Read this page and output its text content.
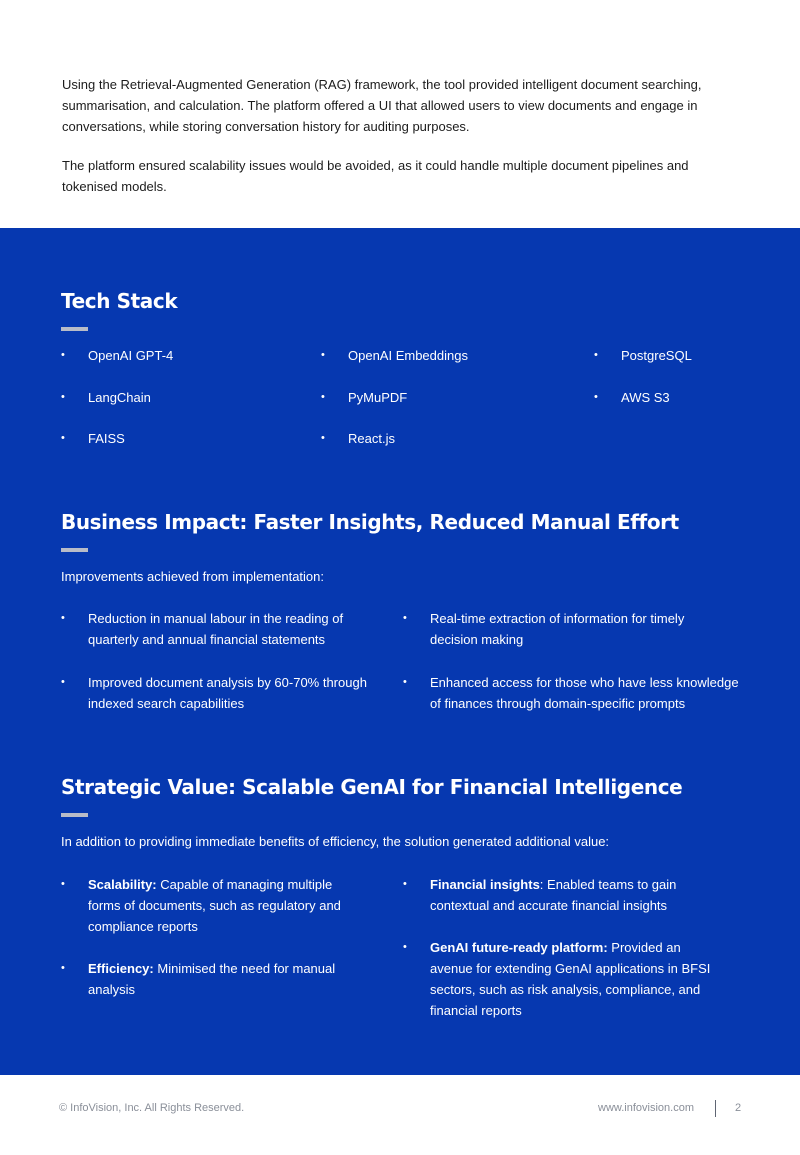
Using the Retrieval-Augmented Generation (RAG) framework, the tool provided intelligent document searching, summarisation, and calculation. The platform offered a UI that allowed users to view documents and engage in conversations, while storing conversation history for auditing purposes.

The platform ensured scalability issues would be avoided, as it could handle multiple document pipelines and tokenised models.

Tech Stack
• OpenAI GPT-4	• OpenAI Embeddings	• PostgreSQL
• LangChain	• PyMuPDF	• AWS S3
• FAISS	• React.js
Business Impact: Faster Insights, Reduced Manual Effort
Improvements achieved from implementation:
• Reduction in manual labour in the reading of quarterly and annual financial statements
• Real-time extraction of information for timely decision making
• Improved document analysis by 60-70% through indexed search capabilities
• Enhanced access for those who have less knowledge of finances through domain-specific prompts
Strategic Value: Scalable GenAI for Financial Intelligence
In addition to providing immediate benefits of efficiency, the solution generated additional value:
• Scalability: Capable of managing multiple forms of documents, such as regulatory and compliance reports
• Financial insights: Enabled teams to gain contextual and accurate financial insights
• Efficiency: Minimised the need for manual analysis
• GenAI future-ready platform: Provided an avenue for extending GenAI applications in BFSI sectors, such as risk analysis, compliance, and financial reports
© InfoVision, Inc. All Rights Reserved.	www.infovision.com	2
